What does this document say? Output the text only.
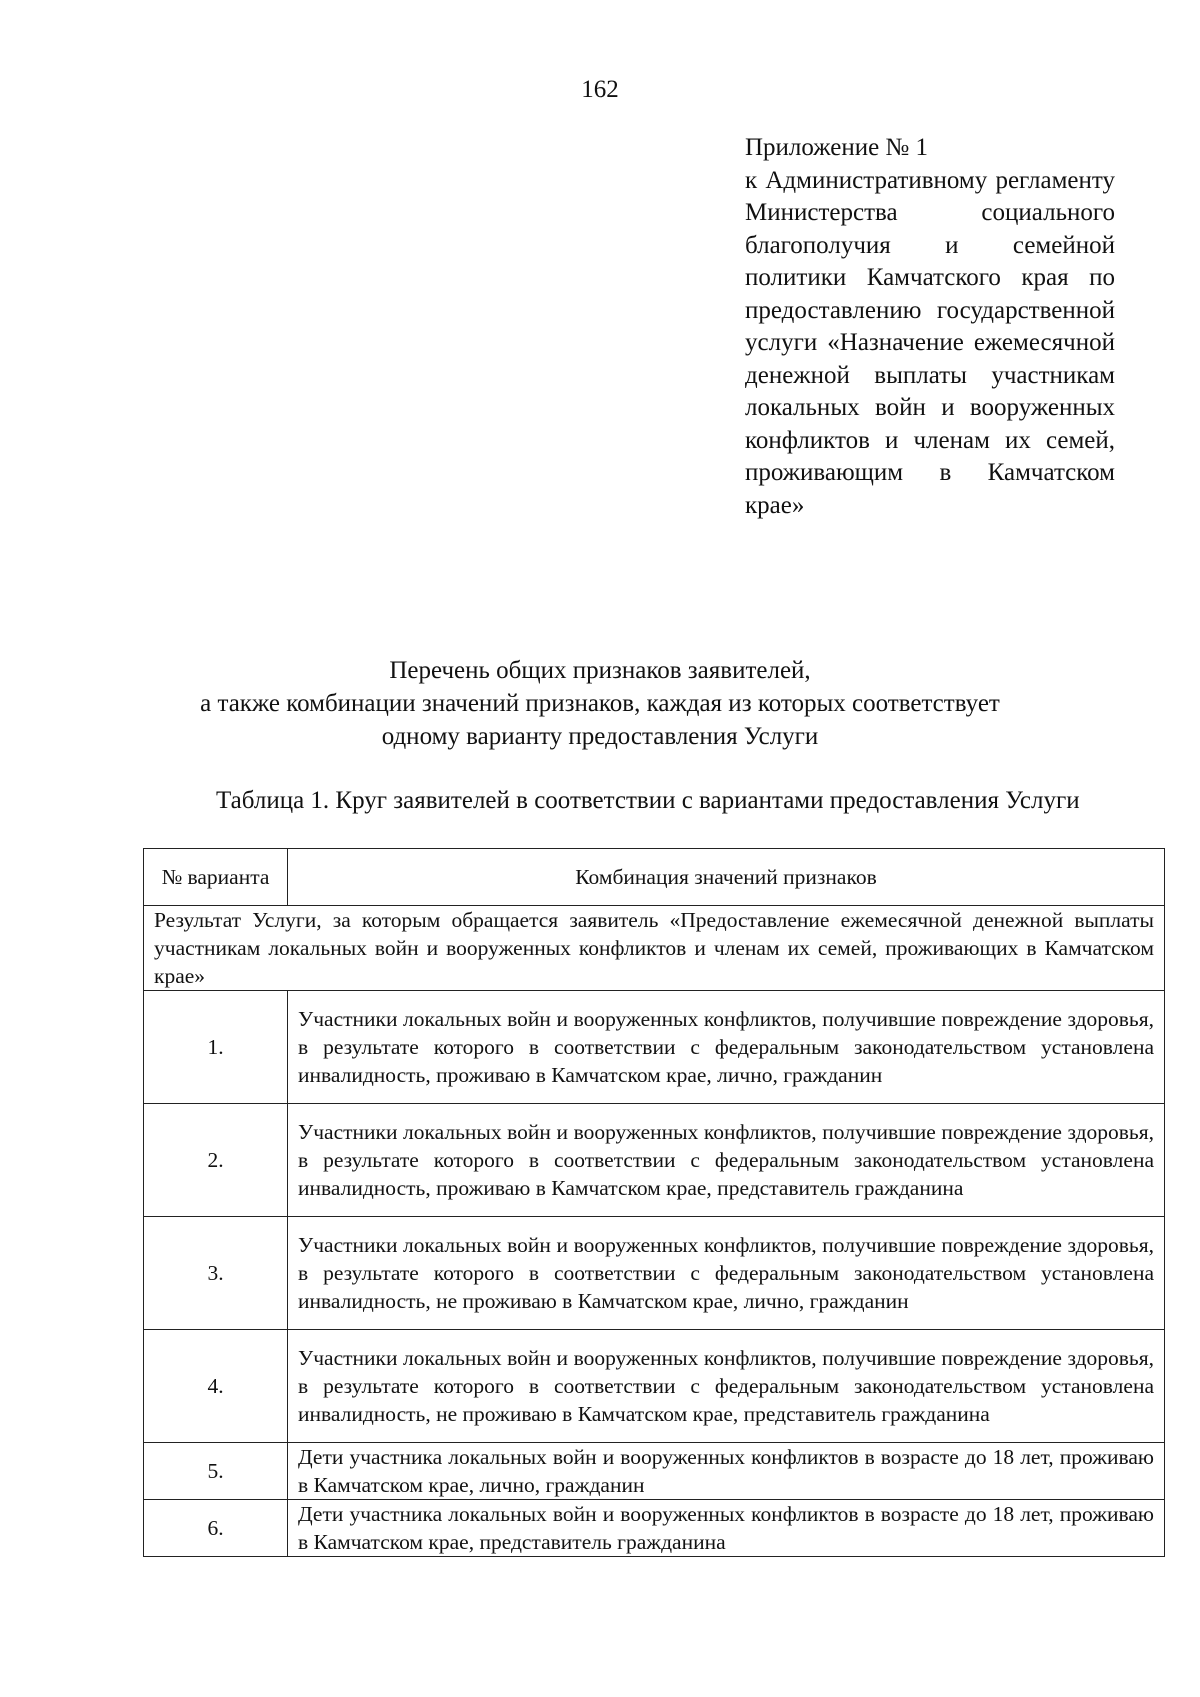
162
Приложение № 1
к Административному регламенту Министерства социального благополучия и семейной политики Камчатского края по предоставлению государственной услуги «Назначение ежемесячной денежной выплаты участникам локальных войн и вооруженных конфликтов и членам их семей, проживающим в Камчатском крае»
Перечень общих признаков заявителей,
а также комбинации значений признаков, каждая из которых соответствует
одному варианту предоставления Услуги
Таблица 1. Круг заявителей в соответствии с вариантами предоставления Услуги
№ варианта	Комбинация значений признаков
Результат Услуги, за которым обращается заявитель «Предоставление ежемесячной денежной выплаты участникам локальных войн и вооруженных конфликтов и членам их семей, проживающих в Камчатском крае»	
1.	Участники локальных войн и вооруженных конфликтов, получившие повреждение здоровья, в результате которого в соответствии с федеральным законодательством установлена инвалидность, проживаю в Камчатском крае, лично, гражданин
2.	Участники локальных войн и вооруженных конфликтов, получившие повреждение здоровья, в результате которого в соответствии с федеральным законодательством установлена инвалидность, проживаю в Камчатском крае, представитель гражданина
3.	Участники локальных войн и вооруженных конфликтов, получившие повреждение здоровья, в результате которого в соответствии с федеральным законодательством установлена инвалидность, не проживаю в Камчатском крае, лично, гражданин
4.	Участники локальных войн и вооруженных конфликтов, получившие повреждение здоровья, в результате которого в соответствии с федеральным законодательством установлена инвалидность, не проживаю в Камчатском крае, представитель гражданина
5.	Дети участника локальных войн и вооруженных конфликтов в возрасте до 18 лет, проживаю в Камчатском крае, лично, гражданин
6.	Дети участника локальных войн и вооруженных конфликтов в возрасте до 18 лет, проживаю в Камчатском крае, представитель гражданина
